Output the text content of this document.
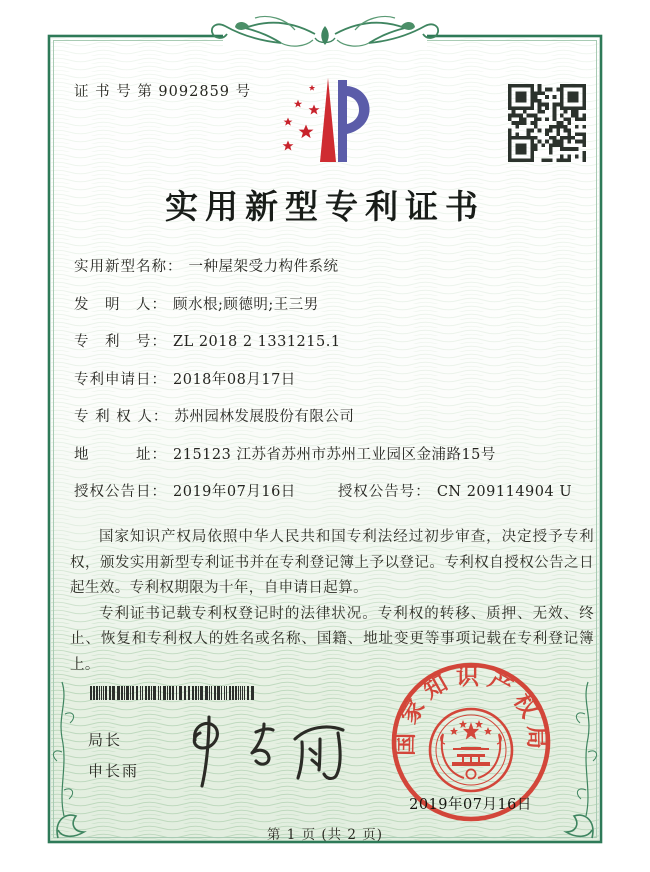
证 书 号 第 9092859 号
实用新型专利证书
实用新型名称： 一种屋架受力构件系统
发　明　人： 顾水根;顾德明;王三男
专　利　号： ZL 2018 2 1331215.1
专利申请日： 2018年08月17日
专 利 权 人： 苏州园林发展股份有限公司
地　　　址： 215123 江苏省苏州市苏州工业园区金浦路15号
授权公告日： 2019年07月16日	授权公告号： CN 209114904 U

国家知识产权局依照中华人民共和国专利法经过初步审查，决定授予专利权，颁发实用新型专利证书并在专利登记簿上予以登记。专利权自授权公告之日起生效。专利权期限为十年，自申请日起算。

专利证书记载专利权登记时的法律状况。专利权的转移、质押、无效、终止、恢复和专利权人的姓名或名称、国籍、地址变更等事项记载在专利登记簿上。

局长
申长雨
国家知识产权局
2019年07月16日
第 1 页 (共 2 页)
